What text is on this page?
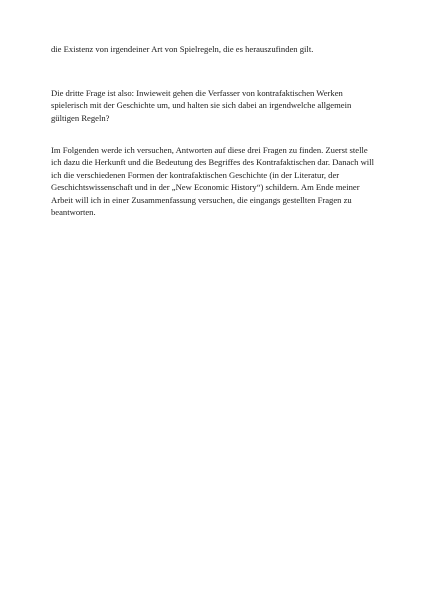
die Existenz von irgendeiner Art von Spielregeln, die es herauszufinden gilt.

Die dritte Frage ist also: Inwieweit gehen die Verfasser von kontrafaktischen Werken
spielerisch mit der Geschichte um, und halten sie sich dabei an irgendwelche allgemein
gültigen Regeln?

Im Folgenden werde ich versuchen, Antworten auf diese drei Fragen zu finden. Zuerst stelle
ich dazu die Herkunft und die Bedeutung des Begriffes des Kontrafaktischen dar. Danach will
ich die verschiedenen Formen der kontrafaktischen Geschichte (in der Literatur, der
Geschichtswissenschaft und in der „New Economic History“) schildern. Am Ende meiner
Arbeit will ich in einer Zusammenfassung versuchen, die eingangs gestellten Fragen zu
beantworten.
